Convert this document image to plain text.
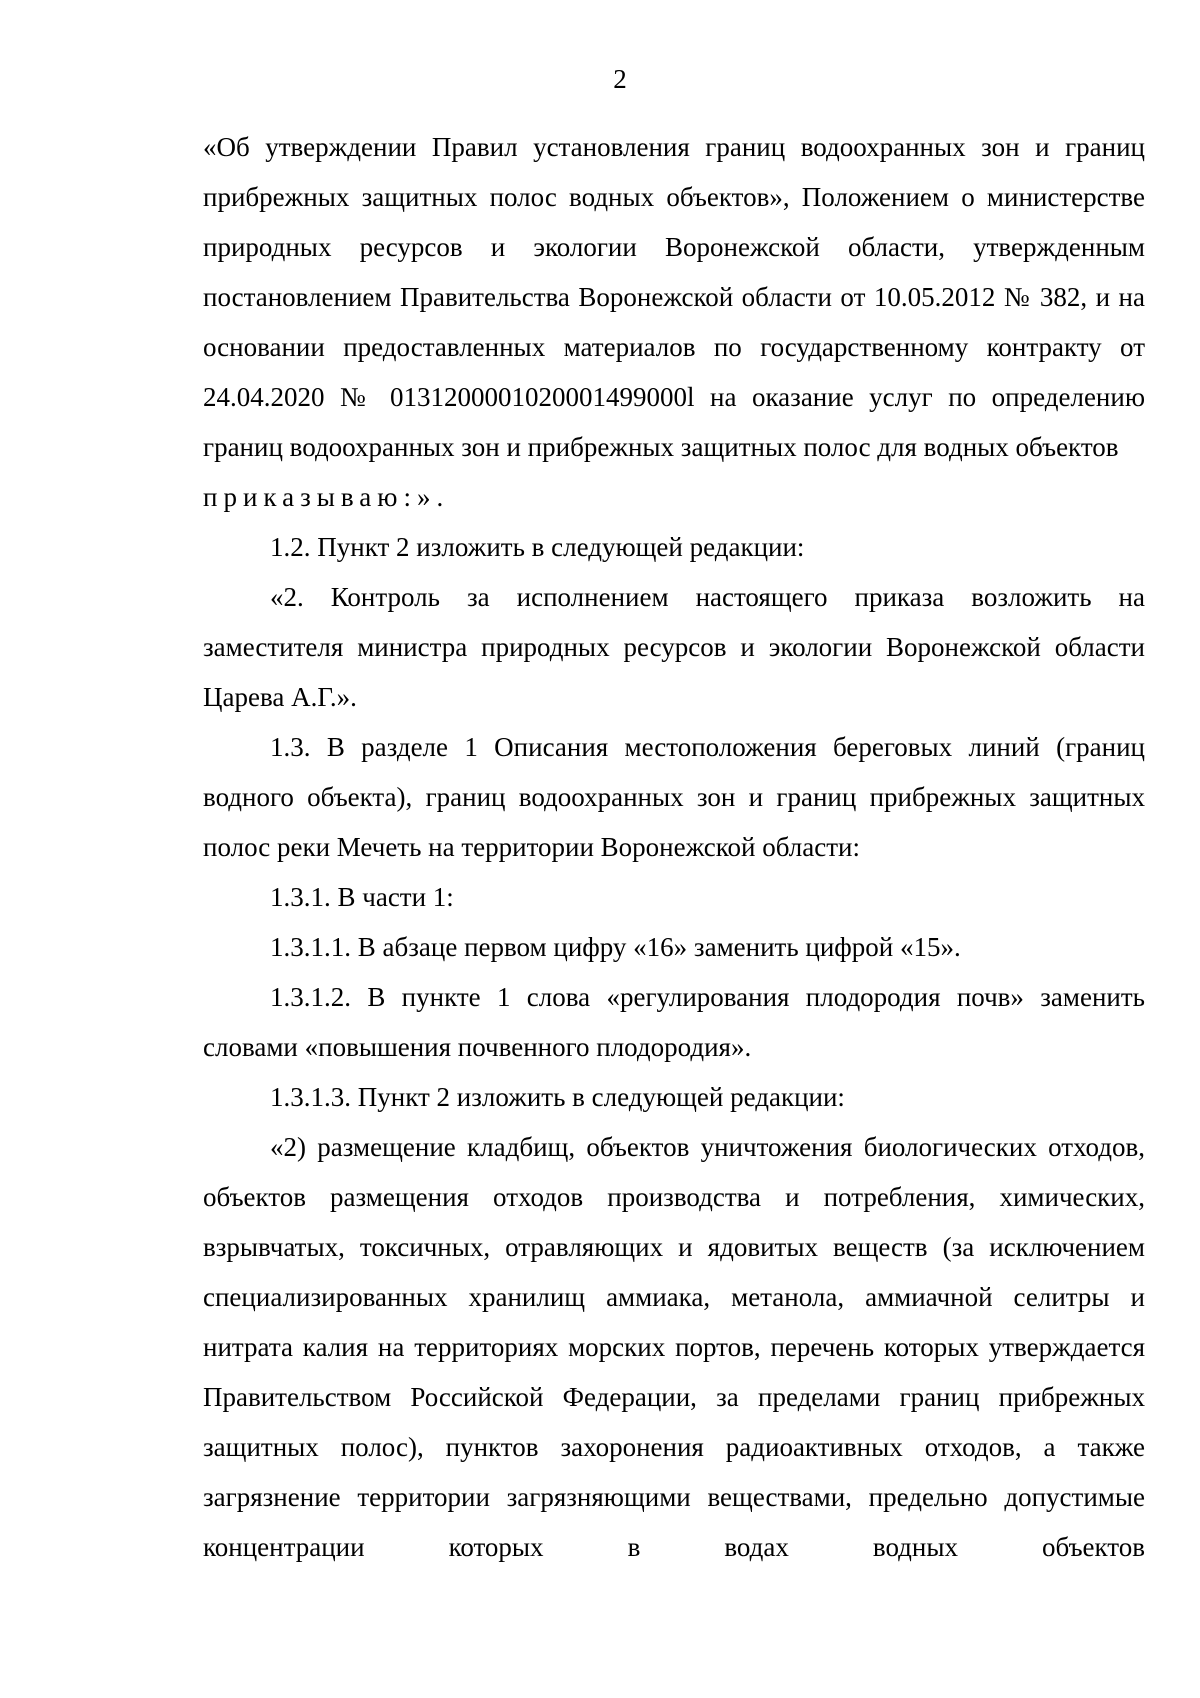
2

«Об утверждении Правил установления границ водоохранных зон и границ прибрежных защитных полос водных объектов», Положением о министерстве природных ресурсов и экологии Воронежской области, утвержденным постановлением Правительства Воронежской области от 10.05.2012 № 382, и на основании предоставленных материалов по государственному контракту от 24.04.2020 № 0131200001020001499000l на оказание услуг по определению границ водоохранных зон и прибрежных защитных полос для водных объектов

приказываю:».

1.2. Пункт 2 изложить в следующей редакции:

«2. Контроль за исполнением настоящего приказа возложить на заместителя министра природных ресурсов и экологии Воронежской области Царева А.Г.».

1.3. В разделе 1 Описания местоположения береговых линий (границ водного объекта), границ водоохранных зон и границ прибрежных защитных полос реки Мечеть на территории Воронежской области:

1.3.1. В части 1:

1.3.1.1. В абзаце первом цифру «16» заменить цифрой «15».

1.3.1.2. В пункте 1 слова «регулирования плодородия почв» заменить словами «повышения почвенного плодородия».

1.3.1.3. Пункт 2 изложить в следующей редакции:

«2) размещение кладбищ, объектов уничтожения биологических отходов, объектов размещения отходов производства и потребления, химических, взрывчатых, токсичных, отравляющих и ядовитых веществ (за исключением специализированных хранилищ аммиака, метанола, аммиачной селитры и нитрата калия на территориях морских портов, перечень которых утверждается Правительством Российской Федерации, за пределами границ прибрежных защитных полос), пунктов захоронения радиоактивных отходов, а также загрязнение территории загрязняющими веществами, предельно допустимые концентрации которых в водах водных объектов
